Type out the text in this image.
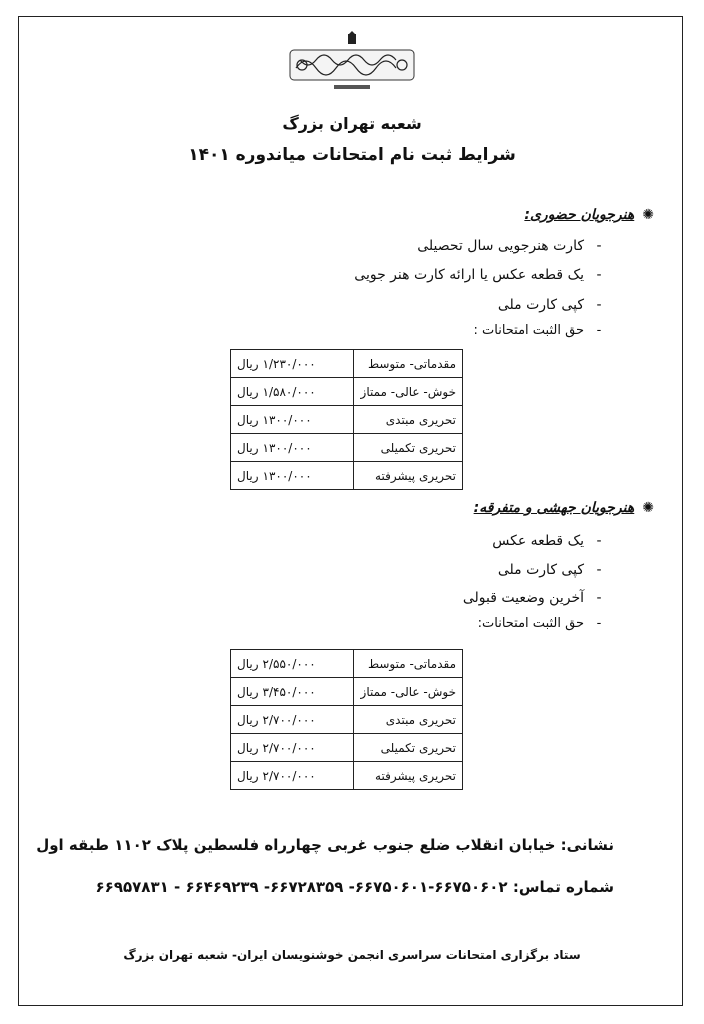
شعبه تهران بزرگ
شرایط ثبت نام امتحانات میاندوره ۱۴۰۱
✺هنرجویان حضوری:
-کارت هنرجویی سال تحصیلی
-یک قطعه عکس یا ارائه کارت هنر جویی
-کپی کارت ملی
-حق الثبت امتحانات :
مقدماتی- متوسط	۱/۲۳۰/۰۰۰ریال
خوش- عالی- ممتاز	۱/۵۸۰/۰۰۰ریال
تحریری مبتدی	۱۳۰۰/۰۰۰ریال
تحریری تکمیلی	۱۳۰۰/۰۰۰ریال
تحریری پیشرفته	۱۳۰۰/۰۰۰ریال
✺هنرجویان جهشی و متفرقه:
-یک قطعه عکس
-کپی کارت ملی
-آخرین وضعیت قبولی
-حق الثبت امتحانات:
مقدماتی- متوسط	۲/۵۵۰/۰۰۰ریال
خوش- عالی- ممتاز	۳/۴۵۰/۰۰۰ریال
تحریری مبتدی	۲/۷۰۰/۰۰۰ریال
تحریری تکمیلی	۲/۷۰۰/۰۰۰ریال
تحریری پیشرفته	۲/۷۰۰/۰۰۰ریال
نشانی: خیابان انقلاب ضلع جنوب غربی چهارراه فلسطین پلاک ۱۱۰۲ طبقه اول
شماره تماس: ۶۶۷۵۰۶۰۲-۶۶۷۵۰۶۰۱- ۶۶۷۲۸۳۵۹- ۶۶۴۶۹۲۳۹ - ۶۶۹۵۷۸۳۱
ستاد برگزاری امتحانات سراسری انجمن خوشنویسان ایران- شعبه تهران بزرگ
